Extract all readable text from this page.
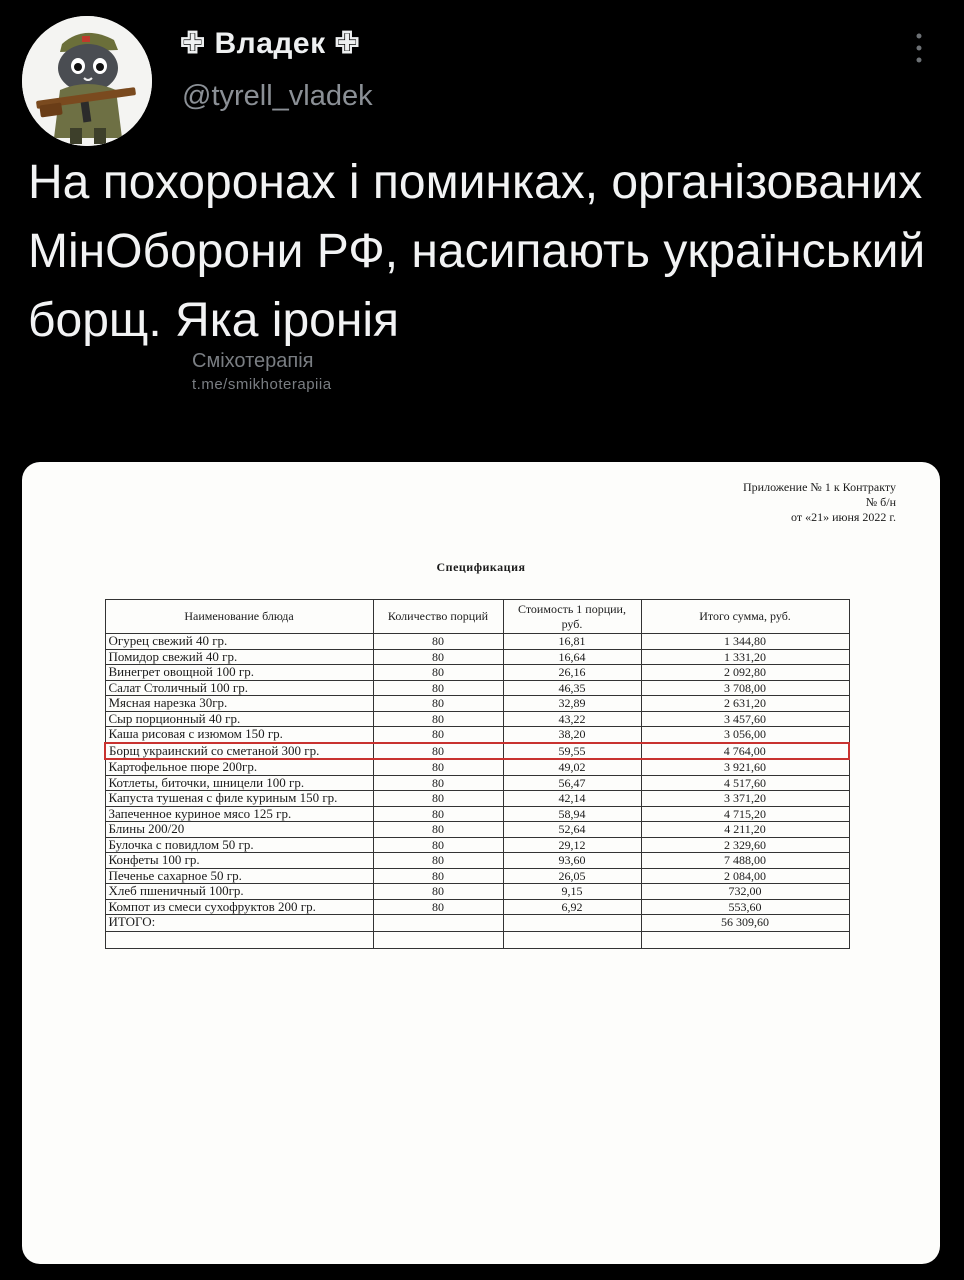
✙ Владек ✙
@tyrell_vladek

На похоронах і поминках, організованих МінОборони РФ, насипають український борщ. Яка іронія

Сміхотерапія
t.me/smikhoterapiia
Приложение № 1 к Контракту
№ б/н
от «21» июня 2022 г.
Спецификация
Наименование блюда	Количество порций	Стоимость 1 порции, руб.	Итого сумма, руб.
Огурец свежий 40 гр.	80	16,81	1 344,80
Помидор свежий 40 гр.	80	16,64	1 331,20
Винегрет овощной 100 гр.	80	26,16	2 092,80
Салат Столичный 100 гр.	80	46,35	3 708,00
Мясная нарезка 30гр.	80	32,89	2 631,20
Сыр порционный 40 гр.	80	43,22	3 457,60
Каша рисовая с изюмом 150 гр.	80	38,20	3 056,00
Борщ украинский со сметаной 300 гр.	80	59,55	4 764,00
Картофельное пюре 200гр.	80	49,02	3 921,60
Котлеты, биточки, шницели 100 гр.	80	56,47	4 517,60
Капуста тушеная с филе куриным 150 гр.	80	42,14	3 371,20
Запеченное куриное мясо 125 гр.	80	58,94	4 715,20
Блины 200/20	80	52,64	4 211,20
Булочка с повидлом 50 гр.	80	29,12	2 329,60
Конфеты 100 гр.	80	93,60	7 488,00
Печенье сахарное 50 гр.	80	26,05	2 084,00
Хлеб пшеничный 100гр.	80	9,15	732,00
Компот из смеси сухофруктов 200 гр.	80	6,92	553,60
ИТОГО:			56 309,60
